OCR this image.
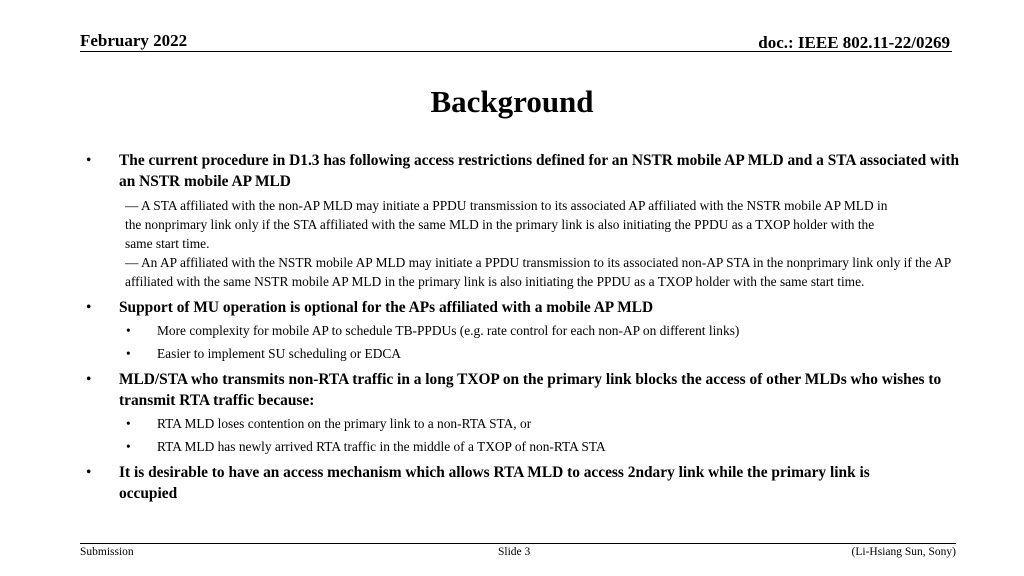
February 2022	doc.: IEEE 802.11-22/0269
Background
• The current procedure in D1.3 has following access restrictions defined for an NSTR mobile AP MLD and a STA associated with an NSTR mobile AP MLD
— A STA affiliated with the non-AP MLD may initiate a PPDU transmission to its associated AP affiliated with the NSTR mobile AP MLD in the nonprimary link only if the STA affiliated with the same MLD in the primary link is also initiating the PPDU as a TXOP holder with the same start time.
— An AP affiliated with the NSTR mobile AP MLD may initiate a PPDU transmission to its associated non-AP STA in the nonprimary link only if the AP affiliated with the same NSTR mobile AP MLD in the primary link is also initiating the PPDU as a TXOP holder with the same start time.
• Support of MU operation is optional for the APs affiliated with a mobile AP MLD
• More complexity for mobile AP to schedule TB-PPDUs (e.g. rate control for each non-AP on different links)
• Easier to implement SU scheduling or EDCA
• MLD/STA who transmits non-RTA traffic in a long TXOP on the primary link blocks the access of other MLDs who wishes to transmit RTA traffic because:
• RTA MLD loses contention on the primary link to a non-RTA STA, or
• RTA MLD has newly arrived RTA traffic in the middle of a TXOP of non-RTA STA
• It is desirable to have an access mechanism which allows RTA MLD to access 2ndary link while the primary link is occupied
Submission	Slide 3	(Li-Hsiang Sun, Sony)
